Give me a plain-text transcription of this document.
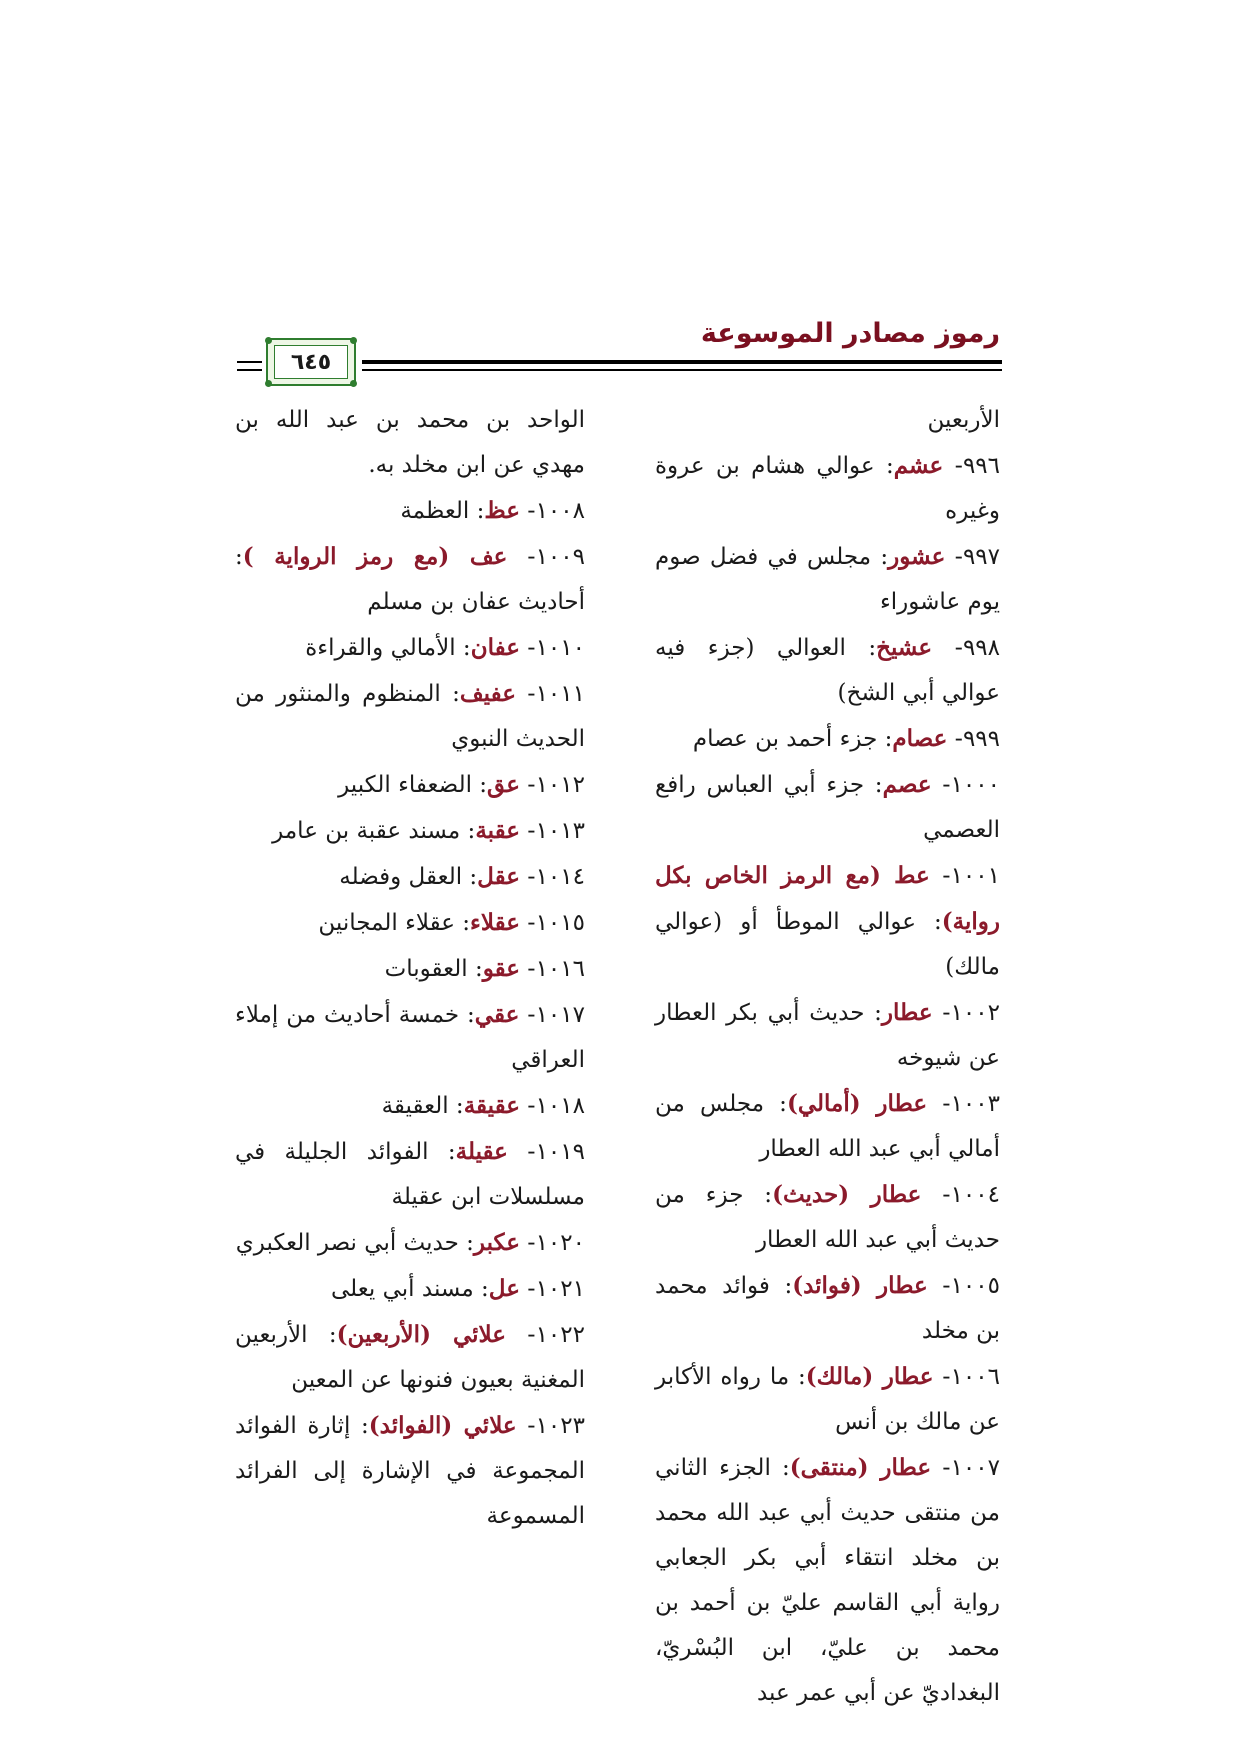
رموز مصادر الموسوعة
٦٤٥

الأربعين

٩٩٦- عشم: عوالي هشام بن عروة وغيره

٩٩٧- عشور: مجلس في فضل صوم يوم عاشوراء

٩٩٨- عشيخ: العوالي (جزء فيه عوالي أبي الشخ)

٩٩٩- عصام: جزء أحمد بن عصام

١٠٠٠- عصم: جزء أبي العباس رافع العصمي

١٠٠١- عط (مع الرمز الخاص بكل رواية): عوالي الموطأ أو (عوالي مالك)

١٠٠٢- عطار: حديث أبي بكر العطار عن شيوخه

١٠٠٣- عطار (أمالي): مجلس من أمالي أبي عبد الله العطار

١٠٠٤- عطار (حديث): جزء من حديث أبي عبد الله العطار

١٠٠٥- عطار (فوائد): فوائد محمد بن مخلد

١٠٠٦- عطار (مالك): ما رواه الأكابر عن مالك بن أنس

١٠٠٧- عطار (منتقى): الجزء الثاني من منتقى حديث أبي عبد الله محمد بن مخلد انتقاء أبي بكر الجعابي رواية أبي القاسم عليّ بن أحمد بن محمد بن عليّ، ابن البُسْريّ، البغداديّ عن أبي عمر عبد

الواحد بن محمد بن عبد الله بن مهدي عن ابن مخلد به.

١٠٠٨- عظ: العظمة

١٠٠٩- عف (مع رمز الرواية ): أحاديث عفان بن مسلم

١٠١٠- عفان: الأمالي والقراءة

١٠١١- عفيف: المنظوم والمنثور من الحديث النبوي

١٠١٢- عق: الضعفاء الكبير

١٠١٣- عقبة: مسند عقبة بن عامر

١٠١٤- عقل: العقل وفضله

١٠١٥- عقلاء: عقلاء المجانين

١٠١٦- عقو: العقوبات

١٠١٧- عقي: خمسة أحاديث من إملاء العراقي

١٠١٨- عقيقة: العقيقة

١٠١٩- عقيلة: الفوائد الجليلة في مسلسلات ابن عقيلة

١٠٢٠- عكبر: حديث أبي نصر العكبري

١٠٢١- عل: مسند أبي يعلى

١٠٢٢- علائي (الأربعين): الأربعين المغنية بعيون فنونها عن المعين

١٠٢٣- علائي (الفوائد): إثارة الفوائد المجموعة في الإشارة إلى الفرائد المسموعة
